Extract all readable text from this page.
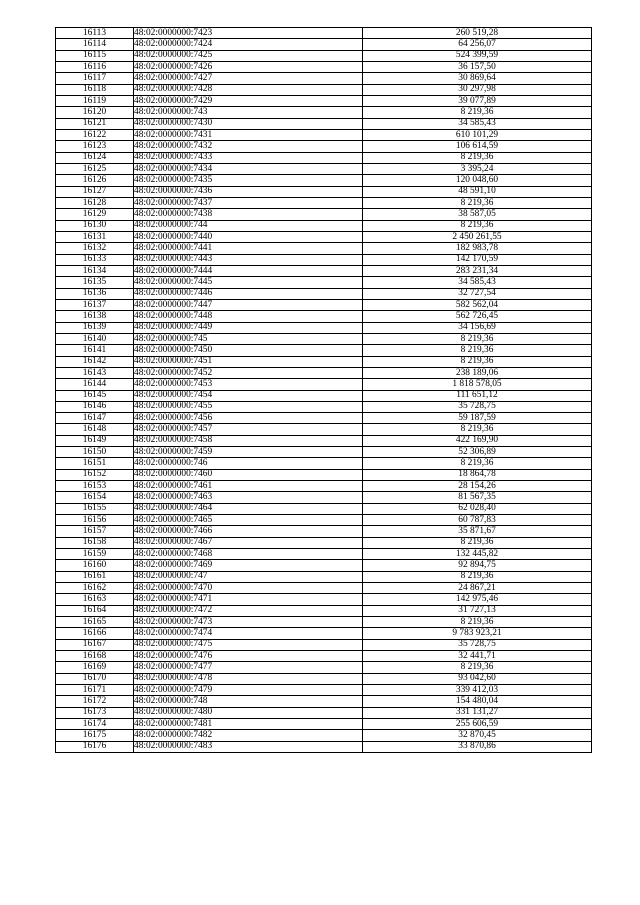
16113	48:02:0000000:7423	260 519,28
16114	48:02:0000000:7424	64 256,07
16115	48:02:0000000:7425	524 399,59
16116	48:02:0000000:7426	36 157,50
16117	48:02:0000000:7427	30 869,64
16118	48:02:0000000:7428	30 297,98
16119	48:02:0000000:7429	39 077,89
16120	48:02:0000000:743	8 219,36
16121	48:02:0000000:7430	34 585,43
16122	48:02:0000000:7431	610 101,29
16123	48:02:0000000:7432	106 614,59
16124	48:02:0000000:7433	8 219,36
16125	48:02:0000000:7434	3 395,24
16126	48:02:0000000:7435	120 048,60
16127	48:02:0000000:7436	48 591,10
16128	48:02:0000000:7437	8 219,36
16129	48:02:0000000:7438	38 587,05
16130	48:02:0000000:744	8 219,36
16131	48:02:0000000:7440	2 450 261,55
16132	48:02:0000000:7441	182 983,78
16133	48:02:0000000:7443	142 170,59
16134	48:02:0000000:7444	283 231,34
16135	48:02:0000000:7445	34 585,43
16136	48:02:0000000:7446	32 727,54
16137	48:02:0000000:7447	582 562,04
16138	48:02:0000000:7448	562 726,45
16139	48:02:0000000:7449	34 156,69
16140	48:02:0000000:745	8 219,36
16141	48:02:0000000:7450	8 219,36
16142	48:02:0000000:7451	8 219,36
16143	48:02:0000000:7452	238 189,06
16144	48:02:0000000:7453	1 818 578,05
16145	48:02:0000000:7454	111 651,12
16146	48:02:0000000:7455	35 728,75
16147	48:02:0000000:7456	59 187,59
16148	48:02:0000000:7457	8 219,36
16149	48:02:0000000:7458	422 169,90
16150	48:02:0000000:7459	52 306,89
16151	48:02:0000000:746	8 219,36
16152	48:02:0000000:7460	18 864,78
16153	48:02:0000000:7461	28 154,26
16154	48:02:0000000:7463	81 567,35
16155	48:02:0000000:7464	62 028,40
16156	48:02:0000000:7465	60 787,83
16157	48:02:0000000:7466	35 871,67
16158	48:02:0000000:7467	8 219,36
16159	48:02:0000000:7468	132 445,82
16160	48:02:0000000:7469	92 894,75
16161	48:02:0000000:747	8 219,36
16162	48:02:0000000:7470	24 867,21
16163	48:02:0000000:7471	142 975,46
16164	48:02:0000000:7472	31 727,13
16165	48:02:0000000:7473	8 219,36
16166	48:02:0000000:7474	9 783 923,21
16167	48:02:0000000:7475	35 728,75
16168	48:02:0000000:7476	32 441,71
16169	48:02:0000000:7477	8 219,36
16170	48:02:0000000:7478	93 042,60
16171	48:02:0000000:7479	339 412,03
16172	48:02:0000000:748	154 480,04
16173	48:02:0000000:7480	331 131,27
16174	48:02:0000000:7481	255 606,59
16175	48:02:0000000:7482	32 870,45
16176	48:02:0000000:7483	33 870,86
